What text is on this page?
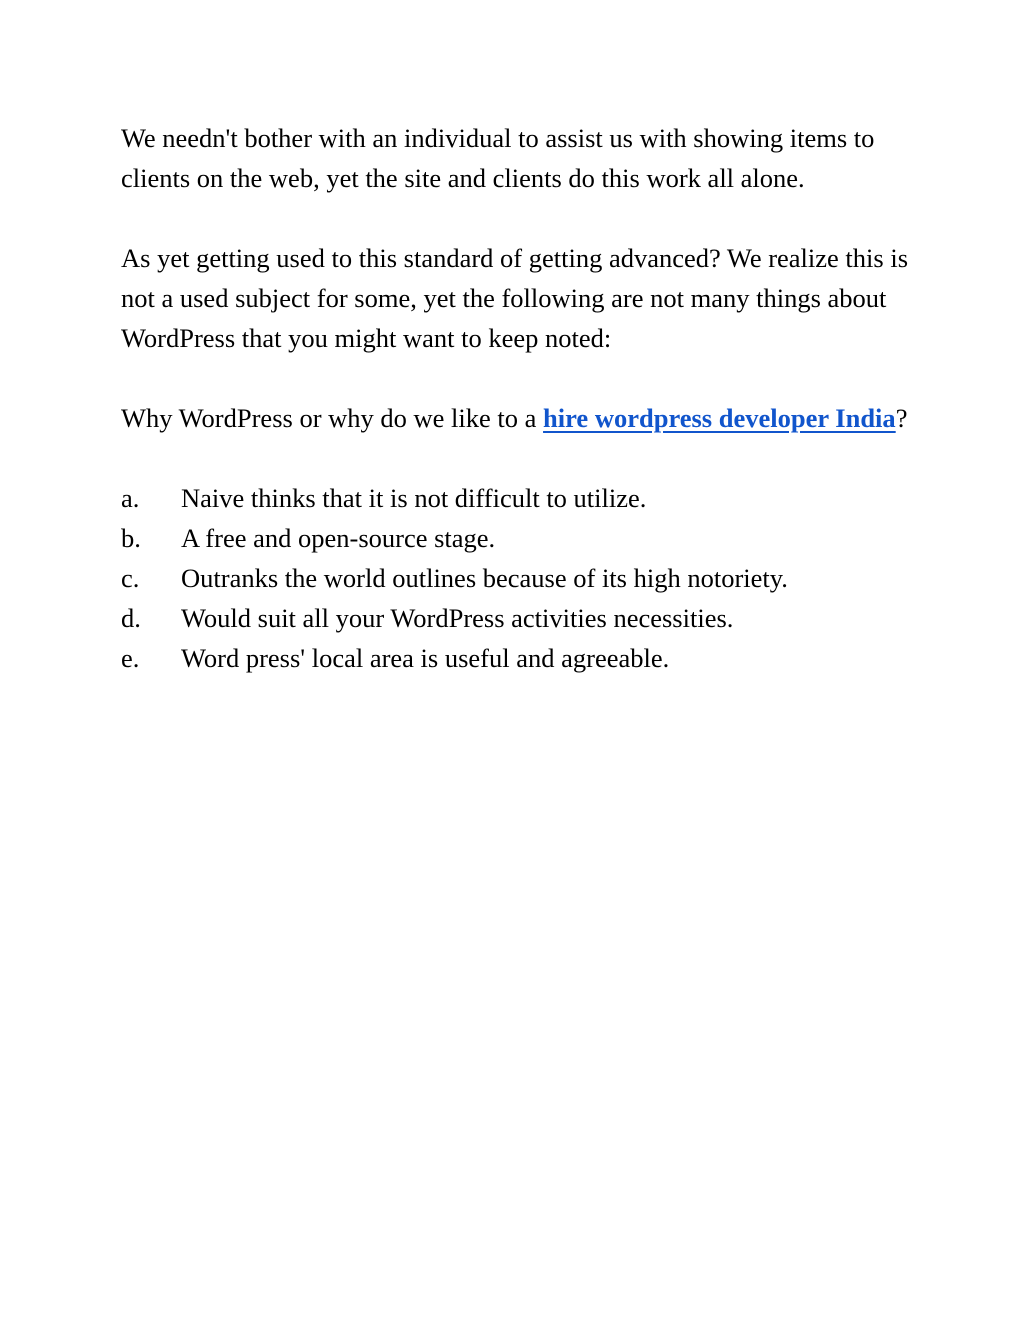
We needn't bother with an individual to assist us with showing items to clients on the web, yet the site and clients do this work all alone.

As yet getting used to this standard of getting advanced? We realize this is not a used subject for some, yet the following are not many things about WordPress that you might want to keep noted:

Why WordPress or why do we like to a hire wordpress developer India?

a.	Naive thinks that it is not difficult to utilize.
b.	A free and open-source stage.
c.	Outranks the world outlines because of its high notoriety.
d.	Would suit all your WordPress activities necessities.
e.	Word press' local area is useful and agreeable.
